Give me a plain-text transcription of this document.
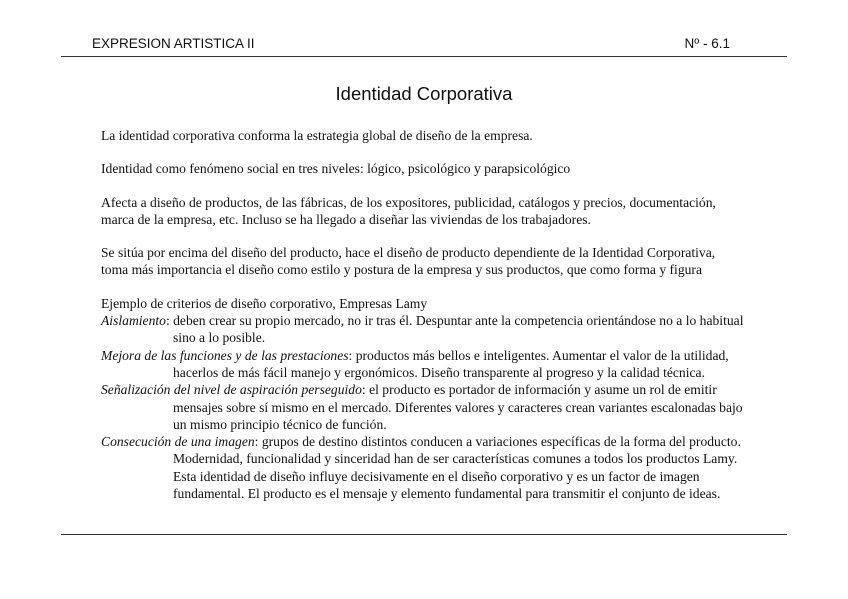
EXPRESION ARTISTICA II	Nº - 6.1
Identidad Corporativa

La identidad corporativa conforma la estrategia global de diseño de la empresa.

Identidad como fenómeno social en tres niveles: lógico, psicológico y parapsicológico

Afecta a diseño de productos, de las fábricas, de los expositores, publicidad, catálogos y precios, documentación,

marca de la empresa, etc. Incluso se ha llegado a diseñar las viviendas de los trabajadores.

Se sitúa por encima del diseño del producto, hace el diseño de producto dependiente de la Identidad Corporativa,

toma más importancia el diseño como estilo y postura de la empresa y sus productos, que como forma y figura

Ejemplo de criterios de diseño corporativo, Empresas Lamy

Aislamiento: deben crear su propio mercado, no ir tras él. Despuntar ante la competencia orientándose no a lo habitual

sino a lo posible.

Mejora de las funciones y de las prestaciones: productos más bellos e inteligentes. Aumentar el valor de la utilidad,

hacerlos de más fácil manejo y ergonómicos. Diseño transparente al progreso y la calidad técnica.

Señalización del nivel de aspiración perseguido: el producto es portador de información y asume un rol de emitir

mensajes sobre sí mismo en el mercado. Diferentes valores y caracteres crean variantes escalonadas bajo

un mismo principio técnico de función.

Consecución de una imagen: grupos de destino distintos conducen a variaciones específicas de la forma del producto.

Modernidad, funcionalidad y sinceridad han de ser características comunes a todos los productos Lamy.

Esta identidad de diseño influye decisivamente en el diseño corporativo y es un factor de imagen

fundamental. El producto es el mensaje y elemento fundamental para transmitir el conjunto de ideas.
